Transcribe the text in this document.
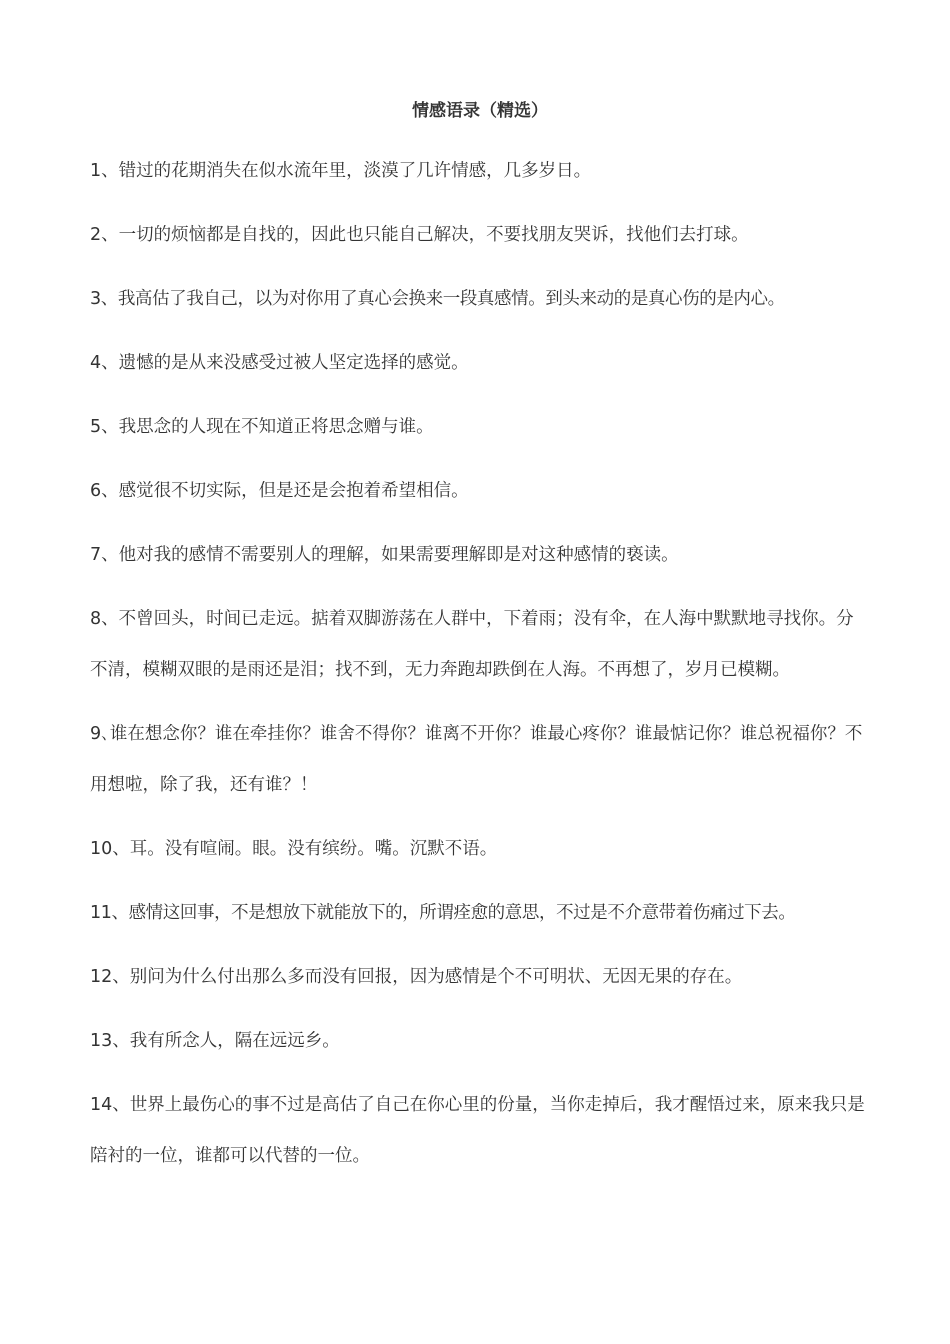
情感语录（精选）
1、错过的花期消失在似水流年里，淡漠了几许情感，几多岁日。
2、一切的烦恼都是自找的，因此也只能自己解决，不要找朋友哭诉，找他们去打球。
3、我高估了我自己，以为对你用了真心会换来一段真感情。到头来动的是真心伤的是内心。
4、遗憾的是从来没感受过被人坚定选择的感觉。
5、我思念的人现在不知道正将思念赠与谁。
6、感觉很不切实际，但是还是会抱着希望相信。
7、他对我的感情不需要别人的理解，如果需要理解即是对这种感情的亵读。
8、不曾回头，时间已走远。掂着双脚游荡在人群中，下着雨；没有伞，在人海中默默地寻找你。分不清，模糊双眼的是雨还是泪；找不到，无力奔跑却跌倒在人海。不再想了，岁月已模糊。
9､谁在想念你？谁在牵挂你？谁舍不得你？谁离不开你？谁最心疼你？谁最惦记你？谁总祝福你？不用想啦，除了我，还有谁？！
10、耳。没有喧闹。眼。没有缤纷。嘴。沉默不语。
11、感情这回事，不是想放下就能放下的，所谓痊愈的意思，不过是不介意带着伤痛过下去。
12、别问为什么付出那么多而没有回报，因为感情是个不可明状、无因无果的存在。
13、我有所念人，隔在远远乡。
14、世界上最伤心的事不过是高估了自己在你心里的份量，当你走掉后，我才醒悟过来，原来我只是陪衬的一位，谁都可以代替的一位。
